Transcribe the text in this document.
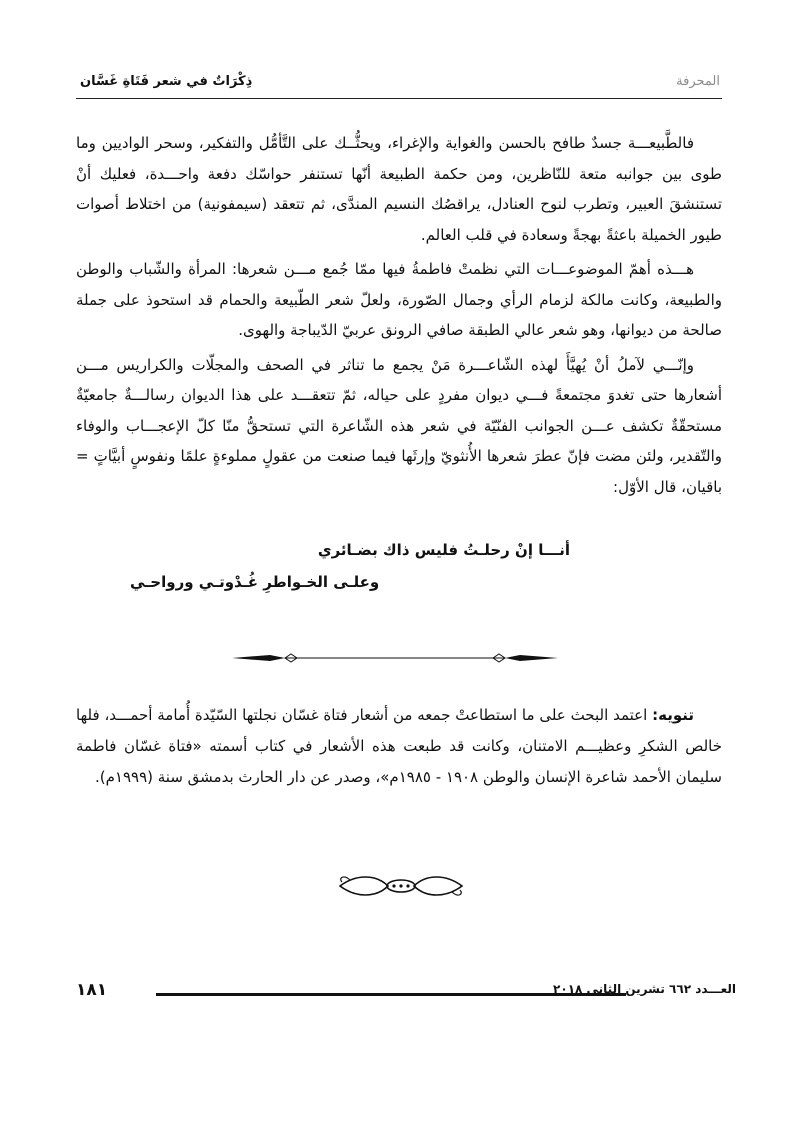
ذِكْرَاتٌ في شعر فَتَاةِ غَسَّان	المحرفة

فالطَّبيعـــة جسدٌ طافح بالحسن والغواية والإغراء، ويحثُّــك على التَّأمُّل والتفكير، وسحر الواديين وما طوى بين جوانبه متعة للنّاظرين، ومن حكمة الطبيعة أنّها تستنفر حواسّك دفعة واحـــدة، فعليك أنْ تستنشقَ العبير، وتطرب لنوح العنادل، يراقصُك النسيم المندَّى، ثم تتعقد (سيمفونية) من اختلاط أصوات طيور الخميلة باعثةً بهجةً وسعادة في قلب العالم.

هـــذه أهمّ الموضوعـــات التي نظمتْ فاطمةُ فيها ممّا جُمع مـــن شعرها: المرأة والشّباب والوطن والطبيعة، وكانت مالكة لزمام الرأي وجمال الصّورة، ولعلّ شعر الطّبيعة والحمام قد استحوذ على جملة صالحة من ديوانها، وهو شعر عالي الطبقة صافي الرونق عربيّ الدّيباجة والهوى.

وإنّـــي لآملُ أنْ يُهيَّأَ لهذه الشّاعـــرة مَنْ يجمع ما تناثر في الصحف والمجلّات والكراريس مـــن أشعارها حتى تغدوَ مجتمعةً فـــي ديوان مفردٍ على حياله، ثمّ تتعقـــد على هذا الديوان رسالـــةٌ جامعيّةٌ مستحقّةٌ تكشف عـــن الجوانب الفنّيّة في شعر هذه الشّاعرة التي تستحقُّ منّا كلّ الإعجـــاب والوفاء والتّقدير، ولئن مضت فإنّ عطرَ شعرها الأُنثويّ وإرثَها فيما صنعت من عقولٍ مملوءةٍ علمًا ونفوسٍ أبيَّاتٍ = باقيان، قال الأوّل:

أنـــا إنْ رحلـتُ فليس ذاك بضـائري
وعلـى الخـواطرِ غُـدْوتـي ورواحـي

تنويه: اعتمد البحث على ما استطاعتْ جمعه من أشعار فتاة غسّان نجلتها السّيّدة أُمامة أحمـــد، فلها خالص الشكرِ وعظيـــم الامتنان، وكانت قد طبعت هذه الأشعار في كتاب أسمته «فتاة غسّان فاطمة سليمان الأحمد شاعرة الإنسان والوطن ١٩٠٨ - ١٩٨٥م»، وصدر عن دار الحارث بدمشق سنة (١٩٩٩م).

١٨١	العـــدد ٦٦٢ تشرين الثاني ٢٠١٨
